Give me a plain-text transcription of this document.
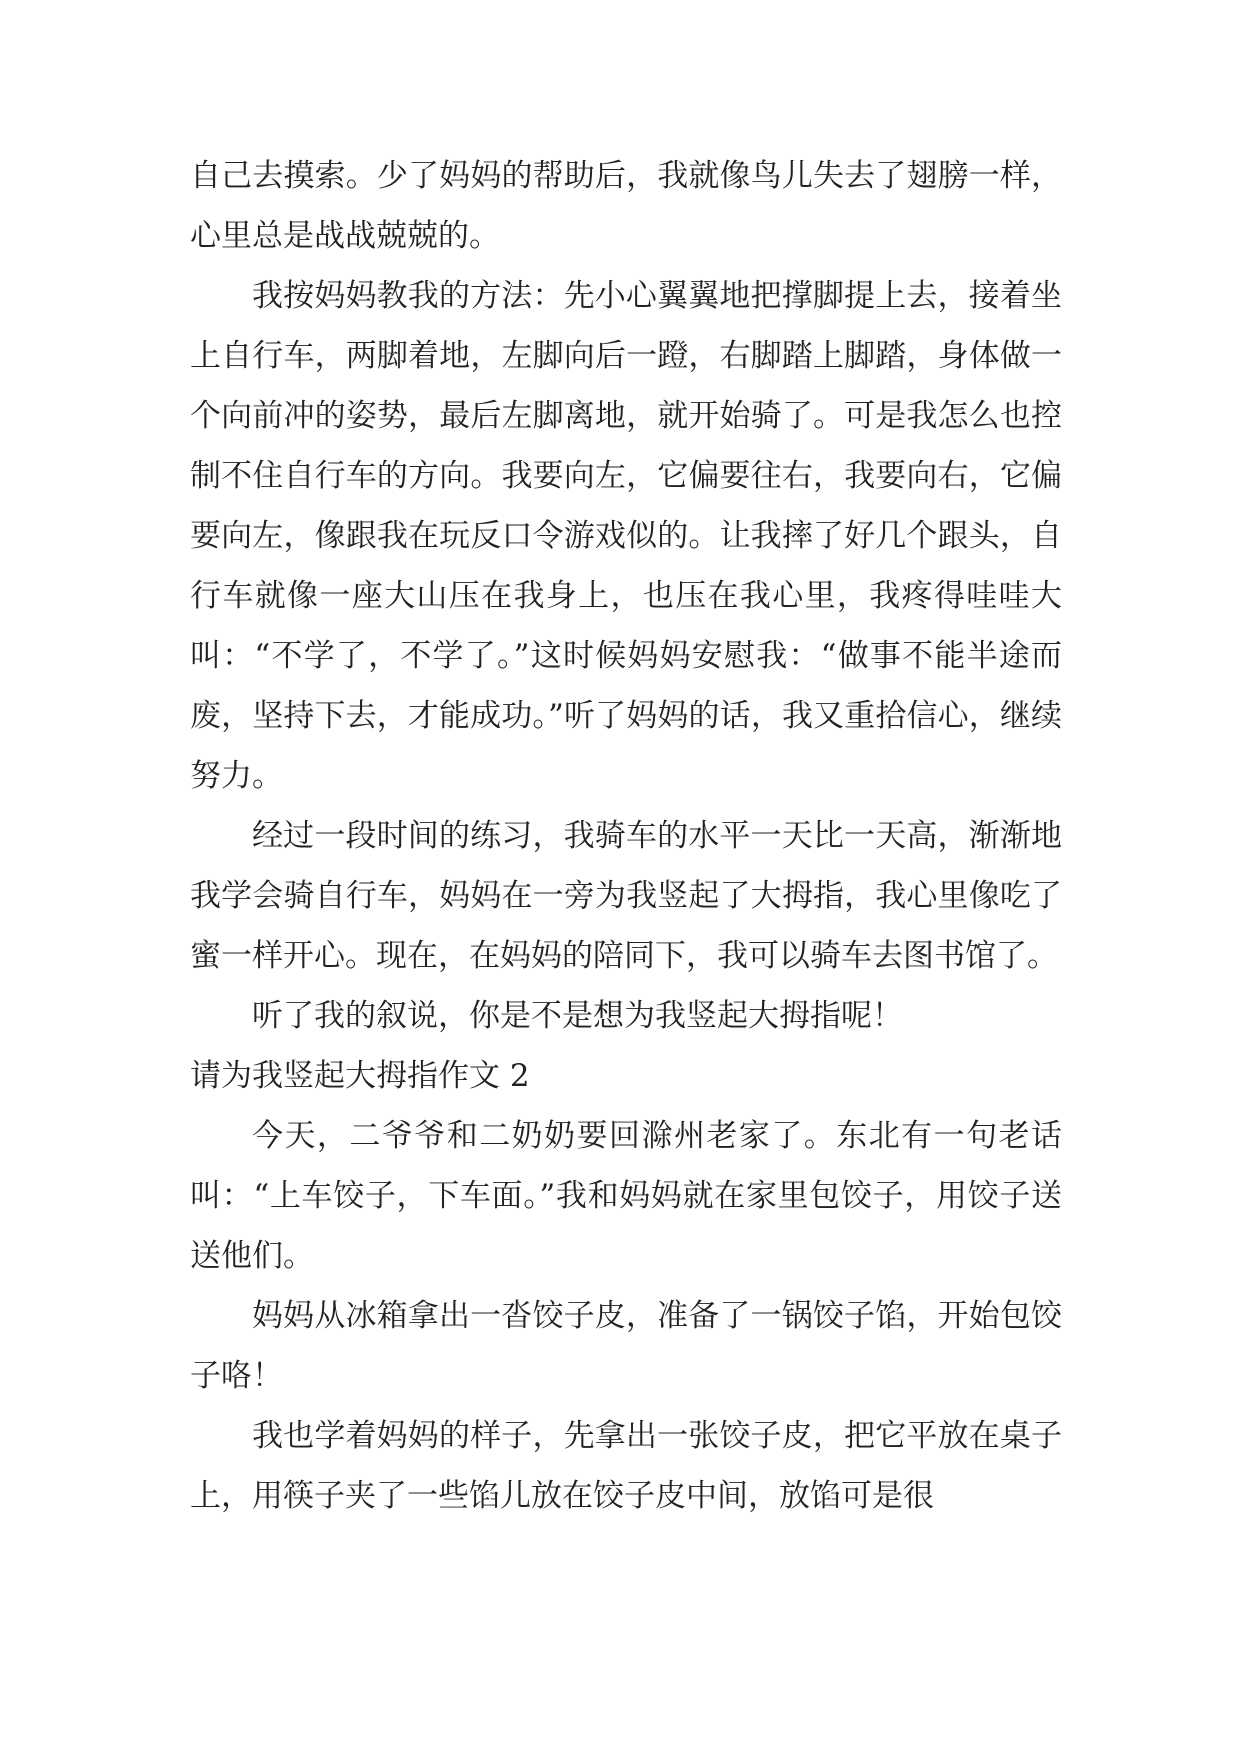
自己去摸索。少了妈妈的帮助后，我就像鸟儿失去了翅膀一样，心里总是战战兢兢的。

我按妈妈教我的方法：先小心翼翼地把撑脚提上去，接着坐上自行车，两脚着地，左脚向后一蹬，右脚踏上脚踏，身体做一个向前冲的姿势，最后左脚离地，就开始骑了。可是我怎么也控制不住自行车的方向。我要向左，它偏要往右，我要向右，它偏要向左，像跟我在玩反口令游戏似的。让我摔了好几个跟头，自行车就像一座大山压在我身上，也压在我心里，我疼得哇哇大叫：“不学了，不学了。”这时候妈妈安慰我：“做事不能半途而废，坚持下去，才能成功。”听了妈妈的话，我又重拾信心，继续努力。

经过一段时间的练习，我骑车的水平一天比一天高，渐渐地我学会骑自行车，妈妈在一旁为我竖起了大拇指，我心里像吃了蜜一样开心。现在，在妈妈的陪同下，我可以骑车去图书馆了。

听了我的叙说，你是不是想为我竖起大拇指呢！

请为我竖起大拇指作文 2

今天，二爷爷和二奶奶要回滁州老家了。东北有一句老话叫：“上车饺子，下车面。”我和妈妈就在家里包饺子，用饺子送送他们。

妈妈从冰箱拿出一沓饺子皮，准备了一锅饺子馅，开始包饺子咯！

我也学着妈妈的样子，先拿出一张饺子皮，把它平放在桌子上，用筷子夹了一些馅儿放在饺子皮中间，放馅可是很
